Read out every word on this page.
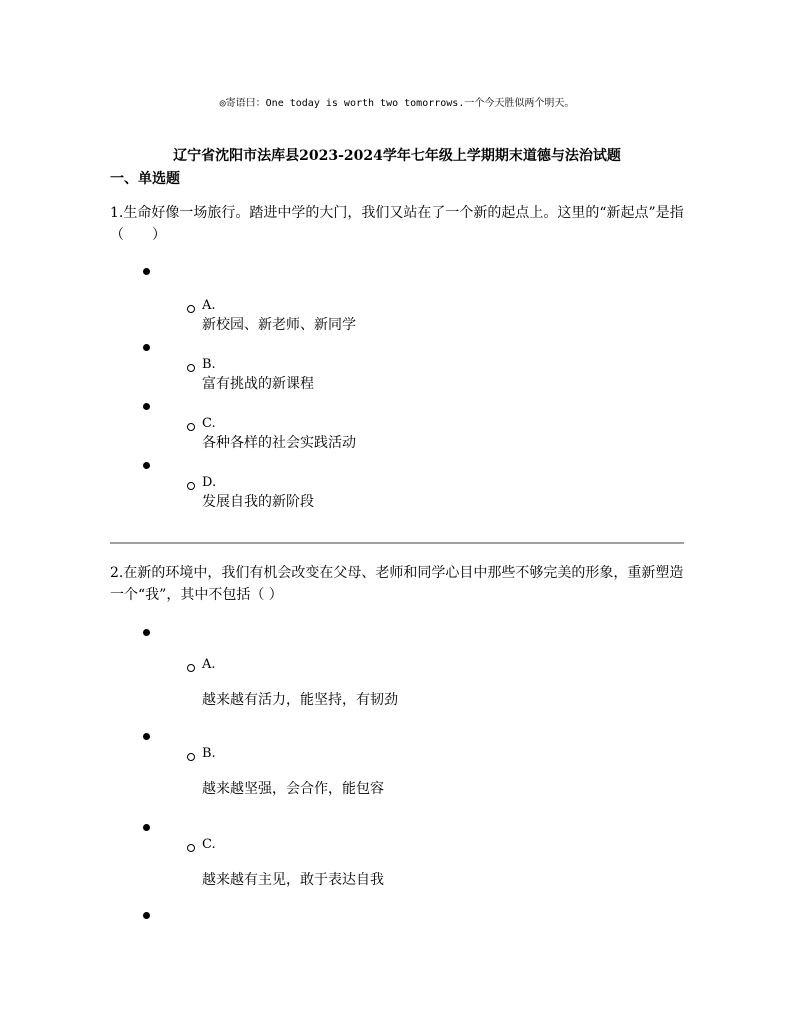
◎寄语曰：One today is worth two tomorrows.一个今天胜似两个明天。
辽宁省沈阳市法库县2023-2024学年七年级上学期期末道德与法治试题
一、单选题
1.生命好像一场旅行。踏进中学的大门，我们又站在了一个新的起点上。这里的“新起点”是指（　　）
A.
新校园、新老师、新同学
B.
富有挑战的新课程
C.
各种各样的社会实践活动
D.
发展自我的新阶段
2.在新的环境中，我们有机会改变在父母、老师和同学心目中那些不够完美的形象，重新塑造一个“我”，其中不包括（ ）
A.
越来越有活力，能坚持，有韧劲
B.
越来越坚强，会合作，能包容
C.
越来越有主见，敢于表达自我
